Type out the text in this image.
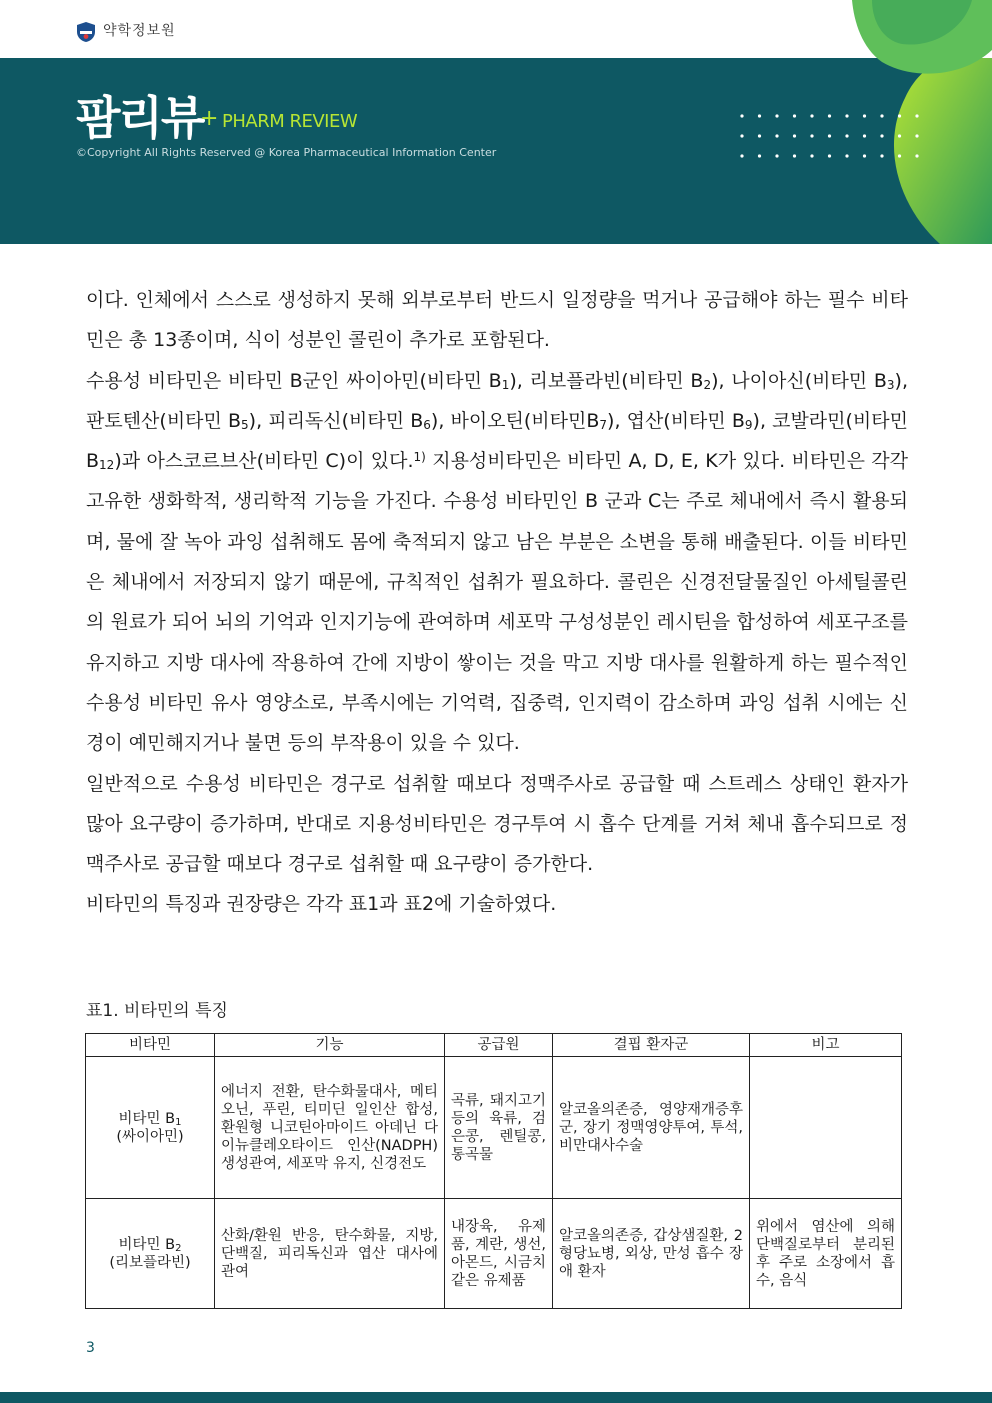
약학정보원
팜리뷰
+ PHARM REVIEW
©Copyright All Rights Reserved @ Korea Pharmaceutical Information Center

이다. 인체에서 스스로 생성하지 못해 외부로부터 반드시 일정량을 먹거나 공급해야 하는 필수 비타민은 총 13종이며, 식이 성분인 콜린이 추가로 포함된다.

수용성 비타민은 비타민 B군인 싸이아민(비타민 $B_1$), 리보플라빈(비타민 $B_2$), 나이아신(비타민 $B_3$), 판토텐산(비타민 $B_5$), 피리독신(비타민 $B_6$), 바이오틴(비타민$B_7$), 엽산(비타민 $B_9$), 코발라민(비타민 $B_{12}$)과 아스코르브산(비타민 C)이 있다.$^{1)}$ 지용성비타민은 비타민 A, D, E, K가 있다. 비타민은 각각 고유한 생화학적, 생리학적 기능을 가진다. 수용성 비타민인 B 군과 C는 주로 체내에서 즉시 활용되며, 물에 잘 녹아 과잉 섭취해도 몸에 축적되지 않고 남은 부분은 소변을 통해 배출된다. 이들 비타민은 체내에서 저장되지 않기 때문에, 규칙적인 섭취가 필요하다. 콜린은 신경전달물질인 아세틸콜린의 원료가 되어 뇌의 기억과 인지기능에 관여하며 세포막 구성성분인 레시틴을 합성하여 세포구조를 유지하고 지방 대사에 작용하여 간에 지방이 쌓이는 것을 막고 지방 대사를 원활하게 하는 필수적인 수용성 비타민 유사 영양소로, 부족시에는 기억력, 집중력, 인지력이 감소하며 과잉 섭취 시에는 신경이 예민해지거나 불면 등의 부작용이 있을 수 있다.

일반적으로 수용성 비타민은 경구로 섭취할 때보다 정맥주사로 공급할 때 스트레스 상태인 환자가 많아 요구량이 증가하며, 반대로 지용성비타민은 경구투여 시 흡수 단계를 거쳐 체내 흡수되므로 정맥주사로 공급할 때보다 경구로 섭취할 때 요구량이 증가한다.

비타민의 특징과 권장량은 각각 표1과 표2에 기술하였다.

표1. 비타민의 특징
비타민	기능	공급원	결핍 환자군	비고
비타민 $B_1$
(싸이아민)	에너지 전환, 탄수화물대사, 메티오닌, 푸린, 티미딘 일인산 합성, 환원형 니코틴아마이드 아데닌 다이뉴클레오타이드 인산(NADPH) 생성관여, 세포막 유지, 신경전도	곡류, 돼지고기 등의 육류, 검은콩, 렌틸콩, 통곡물	알코올의존증, 영양재개증후군, 장기 정맥영양투여, 투석, 비만대사수술	
비타민 $B_2$
(리보플라빈)	산화/환원 반응, 탄수화물, 지방, 단백질, 피리독신과 엽산 대사에 관여	내장육, 유제품, 계란, 생선, 아몬드, 시금치 같은 유제품	알코올의존증, 갑상샘질환, 2 형당뇨병, 외상, 만성 흡수 장애 환자	위에서 염산에 의해 단백질로부터 분리된 후 주로 소장에서 흡수, 음식
3
